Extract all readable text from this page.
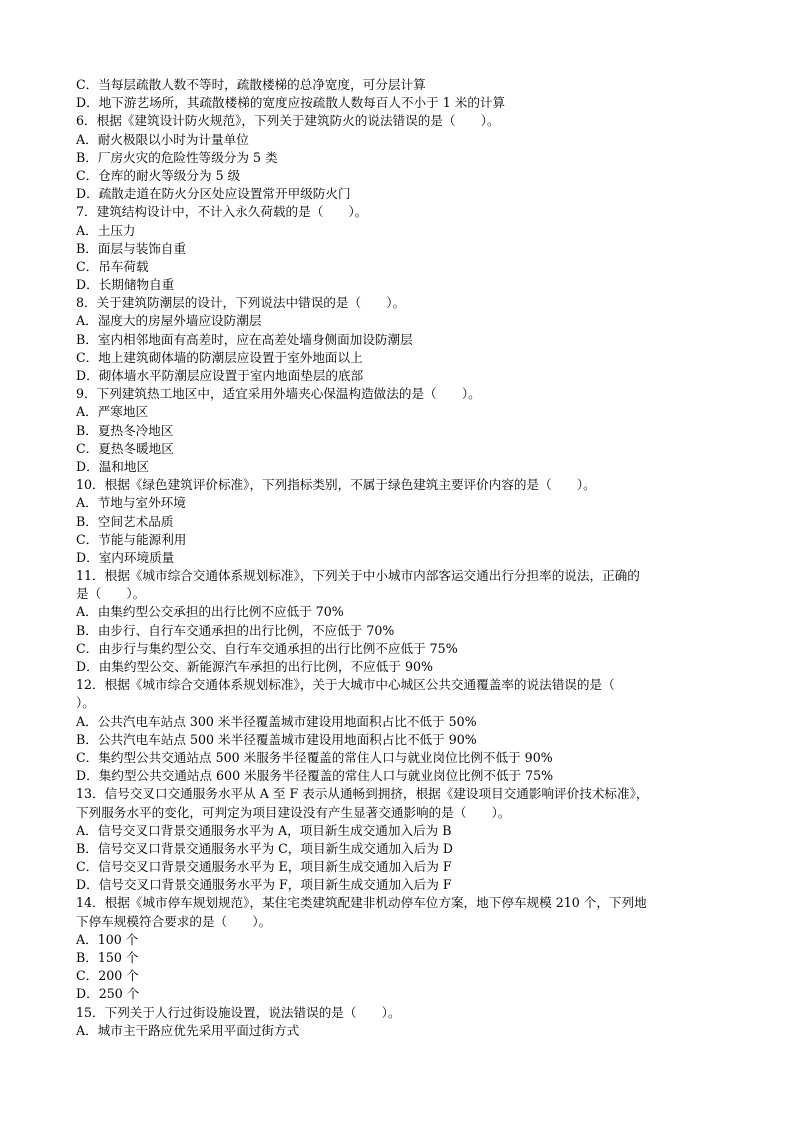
C．当每层疏散人数不等时，疏散楼梯的总净宽度，可分层计算
D．地下游艺场所，其疏散楼梯的宽度应按疏散人数每百人不小于 1 米的计算
6．根据《建筑设计防火规范》，下列关于建筑防火的说法错误的是（　　）。
A．耐火极限以小时为计量单位
B．厂房火灾的危险性等级分为 5 类
C．仓库的耐火等级分为 5 级
D．疏散走道在防火分区处应设置常开甲级防火门
7．建筑结构设计中，不计入永久荷载的是（　　）。
A．土压力
B．面层与装饰自重
C．吊车荷载
D．长期储物自重
8．关于建筑防潮层的设计，下列说法中错误的是（　　）。
A．湿度大的房屋外墙应设防潮层
B．室内相邻地面有高差时，应在高差处墙身侧面加设防潮层
C．地上建筑砌体墙的防潮层应设置于室外地面以上
D．砌体墙水平防潮层应设置于室内地面垫层的底部
9．下列建筑热工地区中，适宜采用外墙夹心保温构造做法的是（　　）。
A．严寒地区
B．夏热冬冷地区
C．夏热冬暖地区
D．温和地区
10．根据《绿色建筑评价标准》，下列指标类别，不属于绿色建筑主要评价内容的是（　　）。
A．节地与室外环境
B．空间艺术品质
C．节能与能源利用
D．室内环境质量
11．根据《城市综合交通体系规划标准》，下列关于中小城市内部客运交通出行分担率的说法，正确的
是（　　）。
A．由集约型公交承担的出行比例不应低于 70%
B．由步行、自行车交通承担的出行比例，不应低于 70%
C．由步行与集约型公交、自行车交通承担的出行比例不应低于 75%
D．由集约型公交、新能源汽车承担的出行比例，不应低于 90%
12．根据《城市综合交通体系规划标准》，关于大城市中心城区公共交通覆盖率的说法错误的是（
）。
A．公共汽电车站点 300 米半径覆盖城市建设用地面积占比不低于 50%
B．公共汽电车站点 500 米半径覆盖城市建设用地面积占比不低于 90%
C．集约型公共交通站点 500 米服务半径覆盖的常住人口与就业岗位比例不低于 90%
D．集约型公共交通站点 600 米服务半径覆盖的常住人口与就业岗位比例不低于 75%
13．信号交叉口交通服务水平从 A 至 F 表示从通畅到拥挤，根据《建设项目交通影响评价技术标准》，
下列服务水平的变化，可判定为项目建设没有产生显著交通影响的是（　　）。
A．信号交叉口背景交通服务水平为 A，项目新生成交通加入后为 B
B．信号交叉口背景交通服务水平为 C，项目新生成交通加入后为 D
C．信号交叉口背景交通服务水平为 E，项目新生成交通加入后为 F
D．信号交叉口背景交通服务水平为 F，项目新生成交通加入后为 F
14．根据《城市停车规划规范》，某住宅类建筑配建非机动停车位方案，地下停车规模 210 个，下列地
下停车规模符合要求的是（　　）。
A．100 个
B．150 个
C．200 个
D．250 个
15．下列关于人行过街设施设置，说法错误的是（　　）。
A．城市主干路应优先采用平面过街方式
